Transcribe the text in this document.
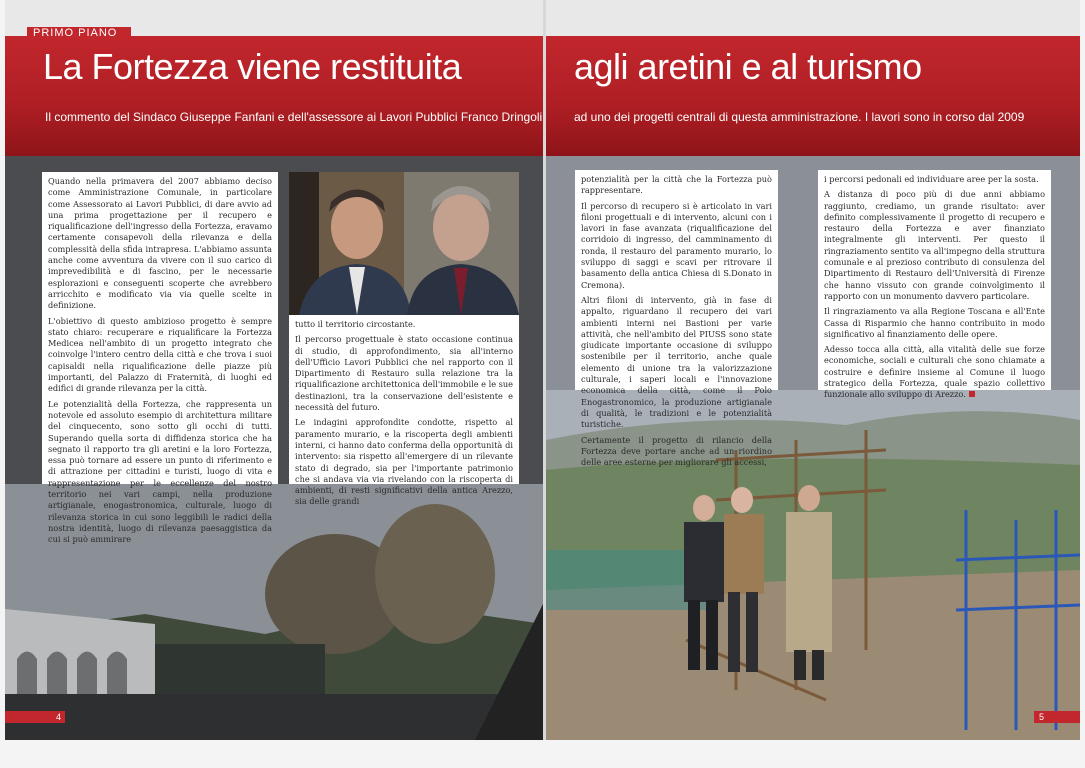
PRIMO PIANO
La Fortezza viene restituita
Il commento del Sindaco Giuseppe Fanfani e dell'assessore ai Lavori Pubblici Franco Dringoli

Quando nella primavera del 2007 abbiamo deciso come Amministrazione Comunale, in particolare come Assessorato ai Lavori Pubblici, di dare avvio ad una prima progettazione per il recupero e riqualificazione dell'ingresso della Fortezza, eravamo certamente consapevoli della rilevanza e della complessità della sfida intrapresa. L'abbiamo assunta anche come avventura da vivere con il suo carico di imprevedibilità e di fascino, per le necessarie esplorazioni e conseguenti scoperte che avrebbero arricchito e modificato via via quelle scelte in definizione.

L'obiettivo di questo ambizioso progetto è sempre stato chiaro: recuperare e riqualificare la Fortezza Medicea nell'ambito di un progetto integrato che coinvolge l'intero centro della città e che trova i suoi capisaldi nella riqualificazione delle piazze più importanti, del Palazzo di Fraternità, di luoghi ed edifici di grande rilevanza per la città.

Le potenzialità della Fortezza, che rappresenta un notevole ed assoluto esempio di architettura militare del cinquecento, sono sotto gli occhi di tutti. Superando quella sorta di diffidenza storica che ha segnato il rapporto tra gli aretini e la loro Fortezza, essa può tornare ad essere un punto di riferimento e di attrazione per cittadini e turisti, luogo di vita e rappresentazione per le eccellenze del nostro territorio nei vari campi, nella produzione artigianale, enogastronomica, culturale, luogo di rilevanza storica in cui sono leggibili le radici della nostra identità, luogo di rilevanza paesaggistica da cui si può ammirare

tutto il territorio circostante.

Il percorso progettuale è stato occasione continua di studio, di approfondimento, sia all'interno dell'Ufficio Lavori Pubblici che nel rapporto con il Dipartimento di Restauro sulla relazione tra la riqualificazione architettonica dell'immobile e le sue destinazioni, tra la conservazione dell'esistente e necessità del futuro.

Le indagini approfondite condotte, rispetto al paramento murario, e la riscoperta degli ambienti interni, ci hanno dato conferma della opportunità di intervento: sia rispetto all'emergere di un rilevante stato di degrado, sia per l'importante patrimonio che si andava via via rivelando con la riscoperta di ambienti, di resti significativi della antica Arezzo, sia delle grandi

4
agli aretini e al turismo
ad uno dei progetti centrali di questa amministrazione. I lavori sono in corso dal 2009

potenzialità per la città che la Fortezza può rappresentare.

Il percorso di recupero si è articolato in vari filoni progettuali e di intervento, alcuni con i lavori in fase avanzata (riqualificazione del corridoio di ingresso, del camminamento di ronda, il restauro del paramento murario, lo sviluppo di saggi e scavi per ritrovare il basamento della antica Chiesa di S.Donato in Cremona).

Altri filoni di intervento, già in fase di appalto, riguardano il recupero dei vari ambienti interni nei Bastioni per varie attività, che nell'ambito del PIUSS sono state giudicate importante occasione di sviluppo sostenibile per il territorio, anche quale elemento di unione tra la valorizzazione culturale, i saperi locali e l'innovazione economica della città, come il Polo Enogastronomico, la produzione artigianale di qualità, le tradizioni e le potenzialità turistiche.

Certamente il progetto di rilancio della Fortezza deve portare anche ad un riordino delle aree esterne per migliorare gli accessi,

i percorsi pedonali ed individuare aree per la sosta.

A distanza di poco più di due anni abbiamo raggiunto, crediamo, un grande risultato: aver definito complessivamente il progetto di recupero e restauro della Fortezza e aver finanziato integralmente gli interventi. Per questo il ringraziamento sentito va all'impegno della struttura comunale e al prezioso contributo di consulenza del Dipartimento di Restauro dell'Università di Firenze che hanno vissuto con grande coinvolgimento il rapporto con un monumento davvero particolare.

Il ringraziamento va alla Regione Toscana e all'Ente Cassa di Risparmio che hanno contribuito in modo significativo al finanziamento delle opere.

Adesso tocca alla città, alla vitalità delle sue forze economiche, sociali e culturali che sono chiamate a costruire e definire insieme al Comune il luogo strategico della Fortezza, quale spazio collettivo funzionale allo sviluppo di Arezzo.

5
